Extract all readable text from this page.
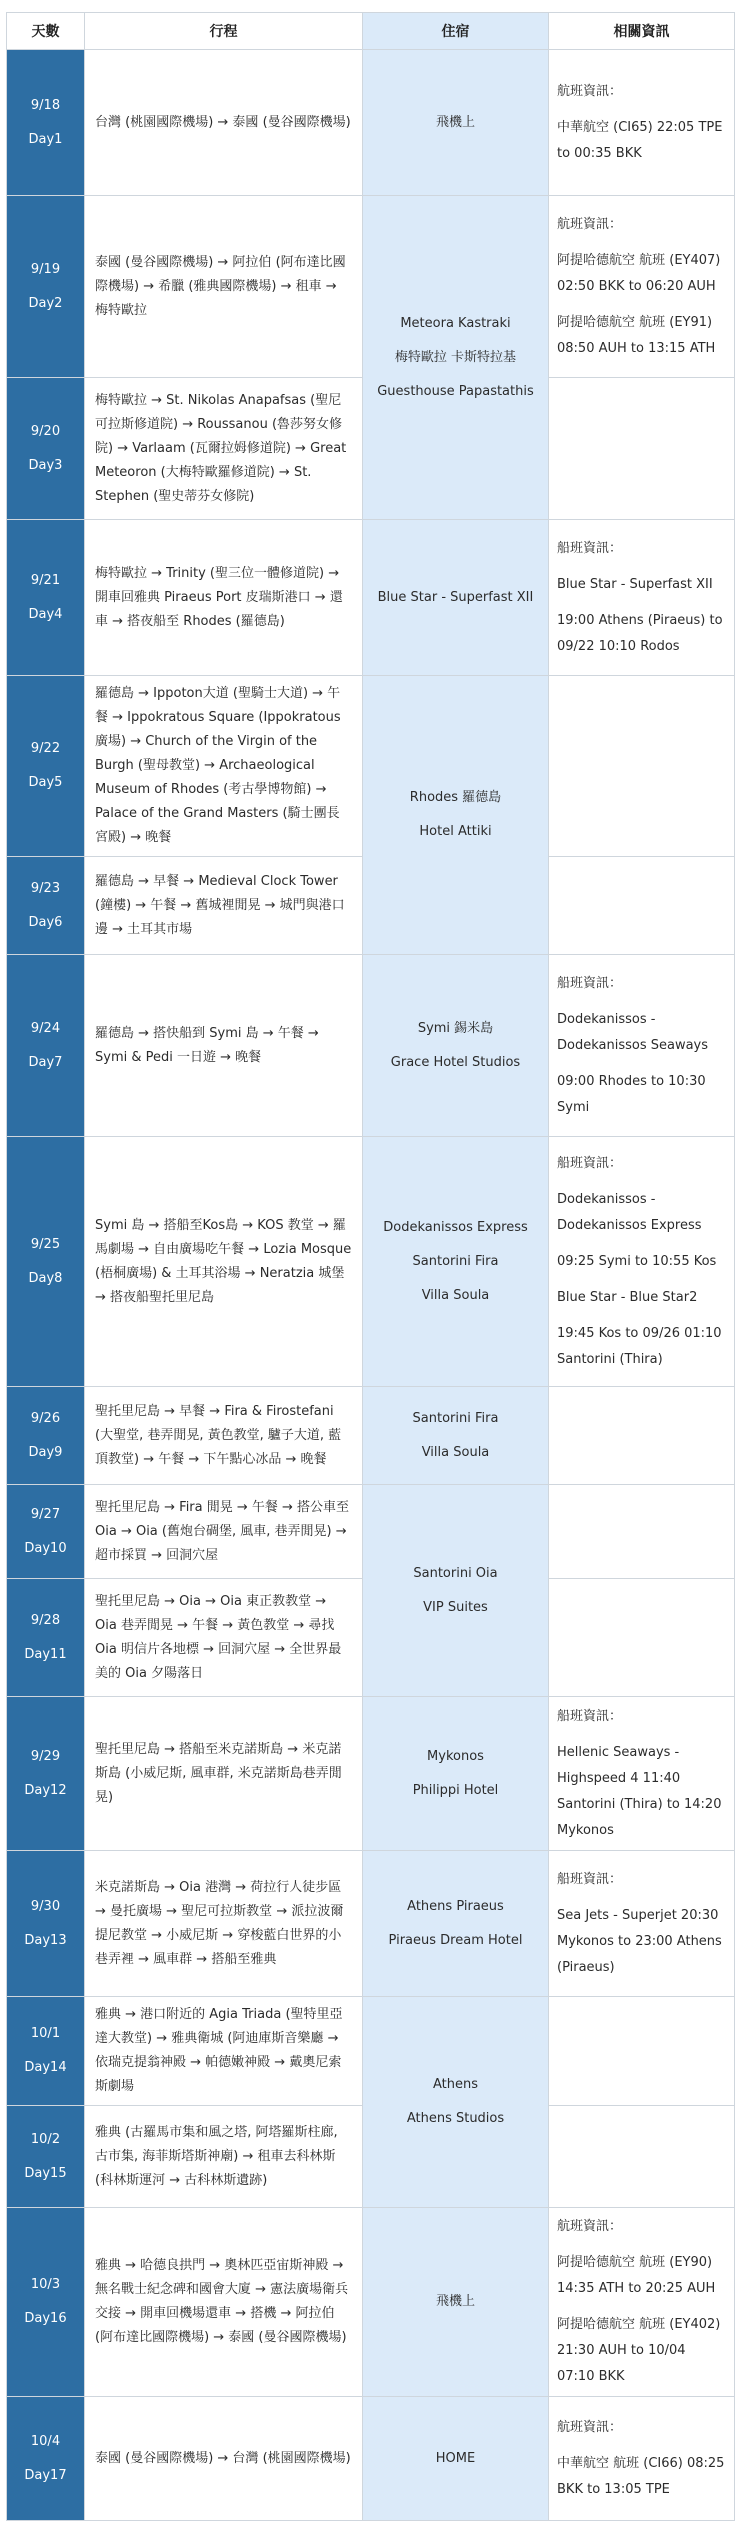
天數	行程	住宿	相關資訊

9/18
Day1	台灣 (桃園國際機場) → 泰國 (曼谷國際機場)	飛機上	航班資訊：
中華航空 (CI65) 22:05 TPE to 00:35 BKK

9/19
Day2	泰國 (曼谷國際機場) → 阿拉伯 (阿布達比國際機場) → 希臘 (雅典國際機場) → 租車 → 梅特歐拉	Meteora Kastraki
梅特歐拉 卡斯特拉基
Guesthouse Papastathis	航班資訊：
阿提哈德航空 航班 (EY407) 02:50 BKK to 06:20 AUH
阿提哈德航空 航班 (EY91) 08:50 AUH to 13:15 ATH

9/20
Day3	梅特歐拉 → St. Nikolas Anapafsas (聖尼可拉斯修道院) → Roussanou (魯莎努女修院) → Varlaam (瓦爾拉姆修道院) → Great Meteoron (大梅特歐羅修道院) → St. Stephen (聖史蒂芬女修院)		

9/21
Day4	梅特歐拉 → Trinity (聖三位一體修道院) → 開車回雅典 Piraeus Port 皮瑞斯港口 → 還車 → 搭夜船至 Rhodes (羅德島)	Blue Star - Superfast XII	船班資訊：
Blue Star - Superfast XII
19:00 Athens (Piraeus) to 09/22 10:10 Rodos

9/22
Day5	羅德島 → Ippoton大道 (聖騎士大道) → 午餐 → Ippokratous Square (Ippokratous廣場) → Church of the Virgin of the Burgh (聖母教堂) → Archaeological Museum of Rhodes (考古學博物館) → Palace of the Grand Masters (騎士團長宮殿) → 晚餐	Rhodes 羅德島
Hotel Attiki	

9/23
Day6	羅德島 → 早餐 → Medieval Clock Tower (鐘樓) → 午餐 → 舊城裡閒晃 → 城門與港口邊 → 土耳其市場		

9/24
Day7	羅德島 → 搭快船到 Symi 島 → 午餐 → Symi & Pedi 一日遊 → 晚餐	Symi 錫米島
Grace Hotel Studios	船班資訊：
Dodekanissos - Dodekanissos Seaways
09:00 Rhodes to 10:30 Symi

9/25
Day8	Symi 島 → 搭船至Kos島 → KOS 教堂 → 羅馬劇場 → 自由廣場吃午餐 → Lozia Mosque (梧桐廣場) & 土耳其浴場 → Neratzia 城堡 → 搭夜船聖托里尼島	Dodekanissos Express
Santorini Fira
Villa Soula	船班資訊：
Dodekanissos - Dodekanissos Express
09:25 Symi to 10:55 Kos
Blue Star - Blue Star2
19:45 Kos to 09/26 01:10 Santorini (Thira)

9/26
Day9	聖托里尼島 → 早餐 → Fira & Firostefani (大聖堂, 巷弄閒晃, 黃色教堂, 驢子大道, 藍頂教堂) → 午餐 → 下午點心冰品 → 晚餐	Santorini Fira
Villa Soula	

9/27
Day10	聖托里尼島 → Fira 閒晃 → 午餐 → 搭公車至 Oia → Oia (舊炮台碉堡, 風車, 巷弄閒晃) → 超市採買 → 回洞穴屋	Santorini Oia
VIP Suites	

9/28
Day11	聖托里尼島 → Oia → Oia 東正教教堂 → Oia 巷弄閒晃 → 午餐 → 黃色教堂 → 尋找 Oia 明信片各地標 → 回洞穴屋 → 全世界最美的 Oia 夕陽落日		

9/29
Day12	聖托里尼島 → 搭船至米克諾斯島 → 米克諾斯島 (小威尼斯, 風車群, 米克諾斯島巷弄閒晃)	Mykonos
Philippi Hotel	船班資訊：
Hellenic Seaways - Highspeed 4 11:40 Santorini (Thira) to 14:20 Mykonos

9/30
Day13	米克諾斯島 → Oia 港灣 → 荷拉行人徒步區 → 曼托廣場 → 聖尼可拉斯教堂 → 派拉波爾提尼教堂 → 小威尼斯 → 穿梭藍白世界的小巷弄裡 → 風車群 → 搭船至雅典	Athens Piraeus
Piraeus Dream Hotel	船班資訊：
Sea Jets - Superjet 20:30 Mykonos to 23:00 Athens (Piraeus)

10/1
Day14	雅典 → 港口附近的 Agia Triada (聖特里亞達大教堂) → 雅典衛城 (阿迪庫斯音樂廳 → 依瑞克提翁神殿 → 帕德嫩神殿 → 戴奧尼索斯劇場	Athens
Athens Studios	

10/2
Day15	雅典 (古羅馬市集和風之塔, 阿塔羅斯柱廊, 古市集, 海菲斯塔斯神廟) → 租車去科林斯 (科林斯運河 → 古科林斯遺跡)		

10/3
Day16	雅典 → 哈德良拱門 → 奧林匹亞宙斯神殿 → 無名戰士紀念碑和國會大廈 → 憲法廣場衛兵交接 → 開車回機場還車 → 搭機 → 阿拉伯 (阿布達比國際機場) → 泰國 (曼谷國際機場)	飛機上	航班資訊：
阿提哈德航空 航班 (EY90) 14:35 ATH to 20:25 AUH
阿提哈德航空 航班 (EY402) 21:30 AUH to 10/04 07:10 BKK

10/4
Day17	泰國 (曼谷國際機場) → 台灣 (桃園國際機場)	HOME	航班資訊：
中華航空 航班 (CI66) 08:25 BKK to 13:05 TPE
